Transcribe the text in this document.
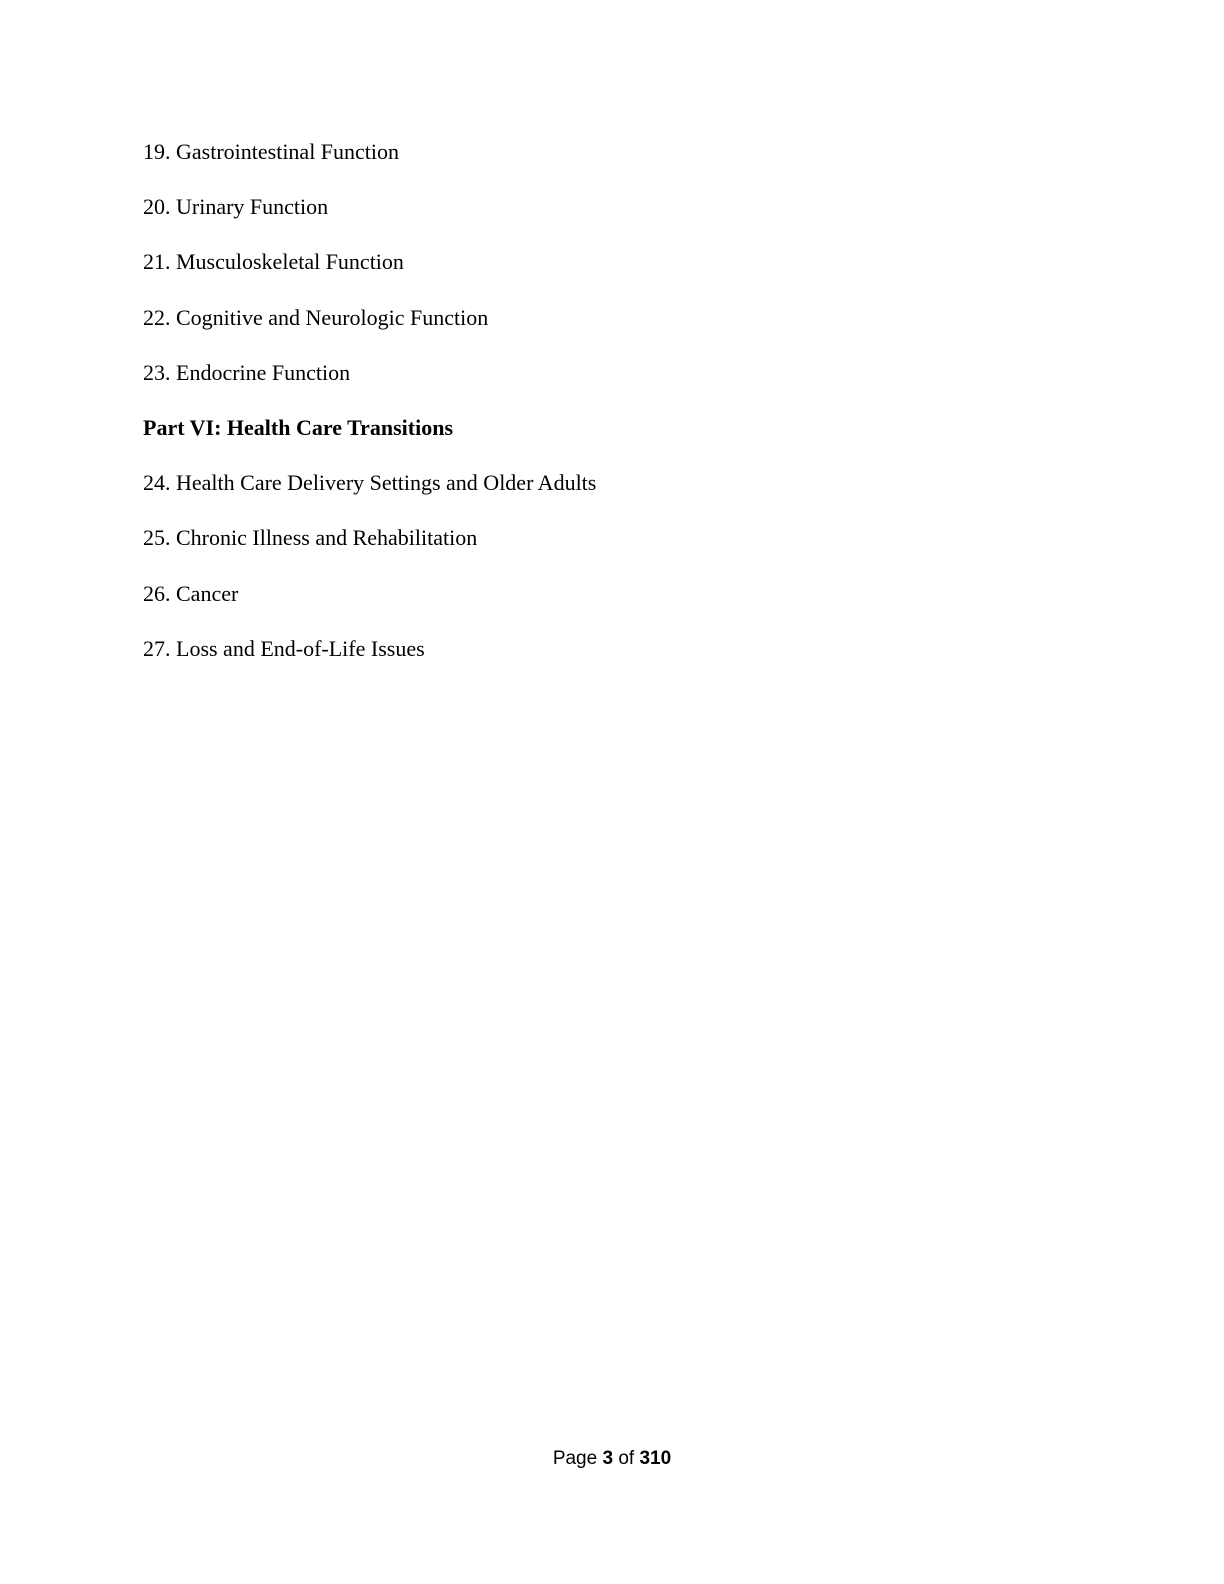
19. Gastrointestinal Function
20. Urinary Function
21. Musculoskeletal Function
22. Cognitive and Neurologic Function
23. Endocrine Function
Part VI: Health Care Transitions
24. Health Care Delivery Settings and Older Adults
25. Chronic Illness and Rehabilitation
26. Cancer
27. Loss and End-of-Life Issues
Page 3 of 310
